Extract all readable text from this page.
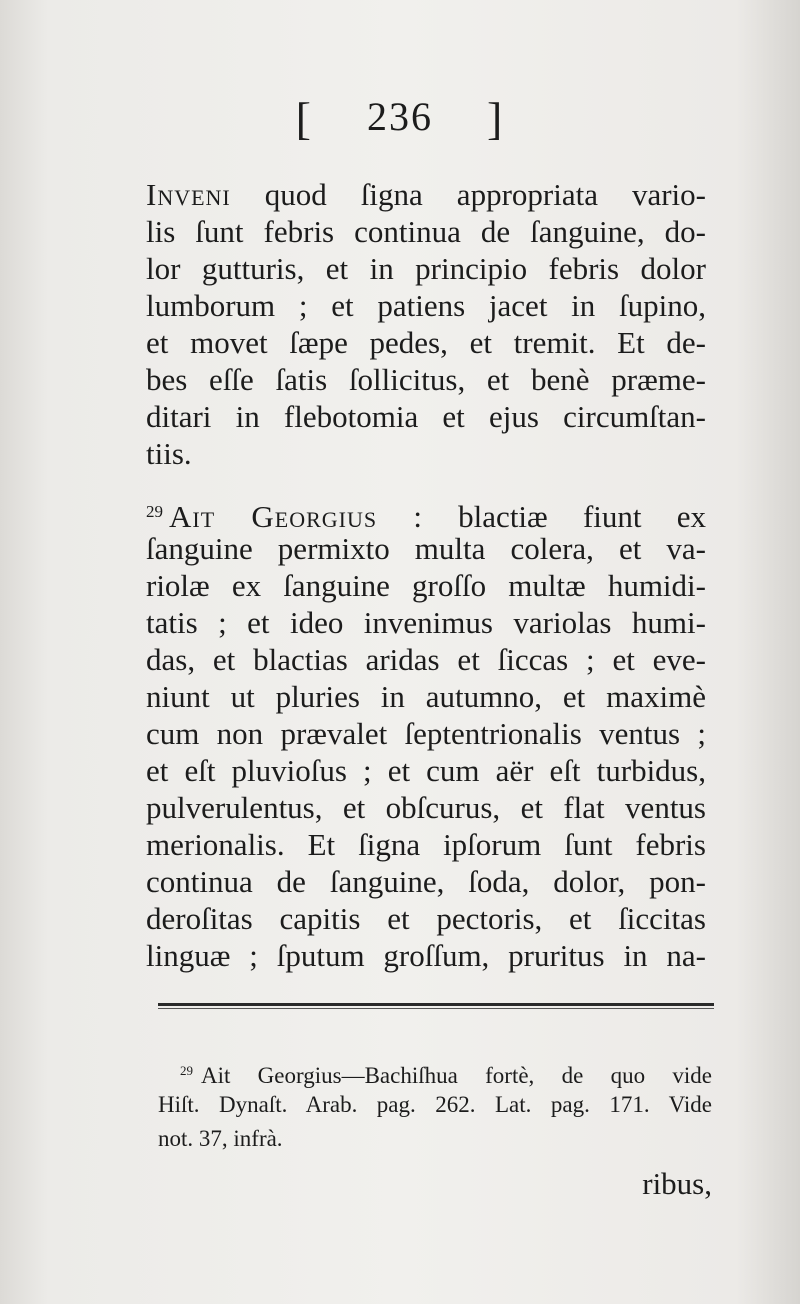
[ 236 ]
Inveni quod ſigna appropriata vario-
lis ſunt febris continua de ſanguine, do-
lor gutturis, et in principio febris dolor
lumborum ; et patiens jacet in ſupino,
et movet ſæpe pedes, et tremit. Et de-
bes eſſe ſatis ſollicitus, et benè præme-
ditari in flebotomia et ejus circumſtan-
tiis.
$^{29}$ Ait Georgius : blactiæ fiunt ex
ſanguine permixto multa colera, et va-
riolæ ex ſanguine groſſo multæ humidi-
tatis ; et ideo invenimus variolas humi-
das, et blactias aridas et ſiccas ; et eve-
niunt ut pluries in autumno, et maximè
cum non prævalet ſeptentrionalis ventus ;
et eſt pluvioſus ; et cum aër eſt turbidus,
pulverulentus, et obſcurus, et flat ventus
merionalis. Et ſigna ipſorum ſunt febris
continua de ſanguine, ſoda, dolor, pon-
deroſitas capitis et pectoris, et ſiccitas
linguæ ; ſputum groſſum, pruritus in na-
$^{29}$ Ait Georgius—Bachiſhua fortè, de quo vide
Hiſt. Dynaſt. Arab. pag. 262. Lat. pag. 171. Vide
not. 37, infrà.
ribus,
